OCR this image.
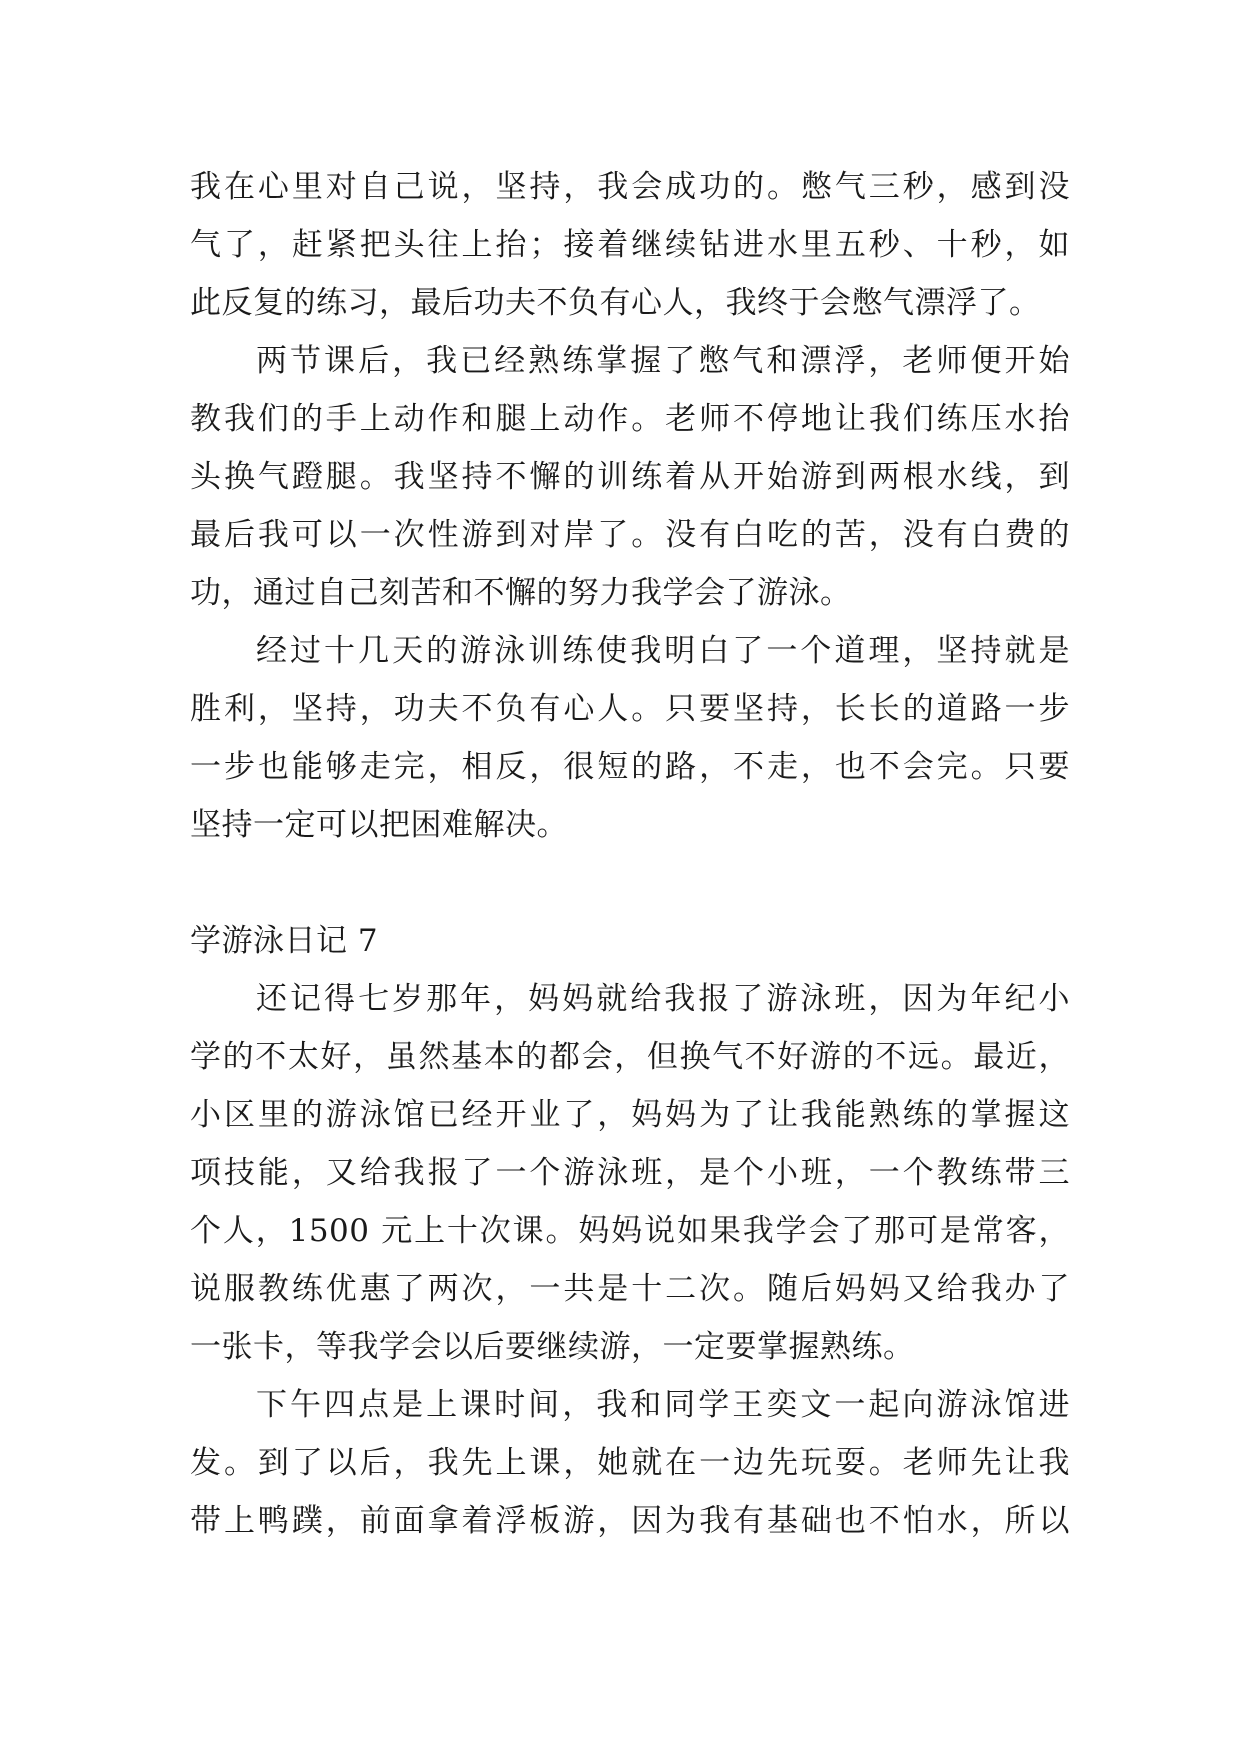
我在心里对自己说，坚持，我会成功的。憋气三秒，感到没
气了，赶紧把头往上抬；接着继续钻进水里五秒、十秒，如
此反复的练习，最后功夫不负有心人，我终于会憋气漂浮了。
两节课后，我已经熟练掌握了憋气和漂浮，老师便开始
教我们的手上动作和腿上动作。老师不停地让我们练压水抬
头换气蹬腿。我坚持不懈的训练着从开始游到两根水线，到
最后我可以一次性游到对岸了。没有白吃的苦，没有白费的
功，通过自己刻苦和不懈的努力我学会了游泳。
经过十几天的游泳训练使我明白了一个道理，坚持就是
胜利，坚持，功夫不负有心人。只要坚持，长长的道路一步
一步也能够走完，相反，很短的路，不走，也不会完。只要
坚持一定可以把困难解决。
学游泳日记 7
还记得七岁那年，妈妈就给我报了游泳班，因为年纪小
学的不太好，虽然基本的都会，但换气不好游的不远。最近，
小区里的游泳馆已经开业了，妈妈为了让我能熟练的掌握这
项技能，又给我报了一个游泳班，是个小班，一个教练带三
个人，1500 元上十次课。妈妈说如果我学会了那可是常客，
说服教练优惠了两次，一共是十二次。随后妈妈又给我办了
一张卡，等我学会以后要继续游，一定要掌握熟练。
下午四点是上课时间，我和同学王奕文一起向游泳馆进
发。到了以后，我先上课，她就在一边先玩耍。老师先让我
带上鸭蹼，前面拿着浮板游，因为我有基础也不怕水，所以
